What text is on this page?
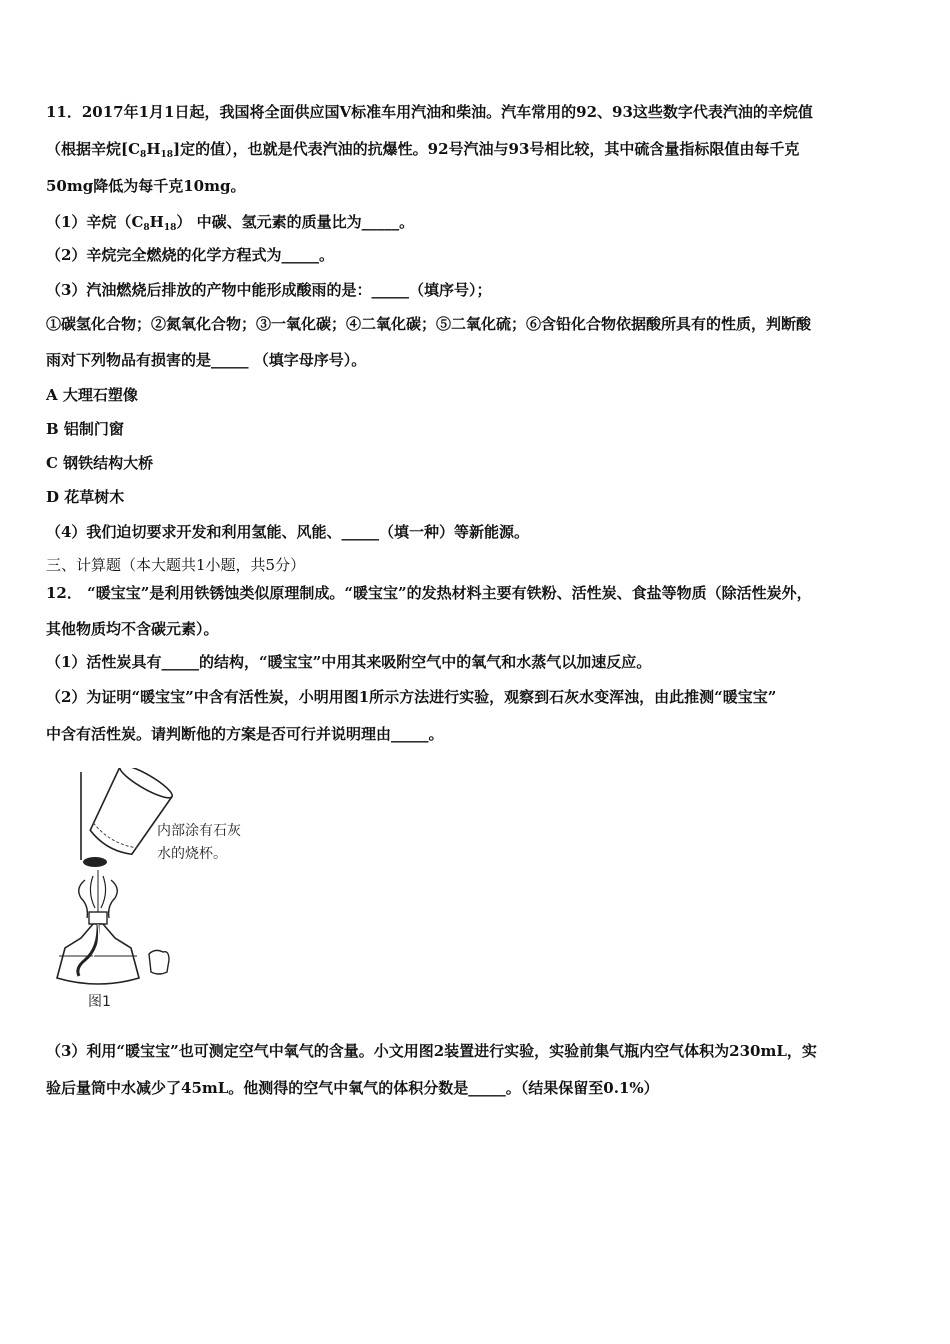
11．2017年1月1日起，我国将全面供应国Ⅴ标准车用汽油和柴油。汽车常用的92、93这些数字代表汽油的辛烷值
（根据辛烷$[C_8H_{18}]$定的值），也就是代表汽油的抗爆性。92号汽油与93号相比较，其中硫含量指标限值由每千克
50mg降低为每千克10mg。
（1）辛烷$(C_8H_{18})$ 中碳、氢元素的质量比为_____。
（2）辛烷完全燃烧的化学方程式为_____。
（3）汽油燃烧后排放的产物中能形成酸雨的是：_____（填序号）；
①碳氢化合物；②氮氧化合物；③一氧化碳；④二氧化碳；⑤二氧化硫；⑥含铅化合物依据酸所具有的性质，判断酸
雨对下列物品有损害的是_____ （填字母序号）。
A 大理石塑像
B 铝制门窗
C 钢铁结构大桥
D 花草树木
（4）我们迫切要求开发和利用氢能、风能、_____（填一种）等新能源。
三、计算题（本大题共1小题，共5分）
12． “暖宝宝”是利用铁锈蚀类似原理制成。“暖宝宝”的发热材料主要有铁粉、活性炭、食盐等物质（除活性炭外，
其他物质均不含碳元素）。
（1）活性炭具有_____的结构，“暖宝宝”中用其来吸附空气中的氧气和水蒸气以加速反应。
（2）为证明“暖宝宝”中含有活性炭，小明用图1所示方法进行实验，观察到石灰水变浑浊，由此推测“暖宝宝”
中含有活性炭。请判断他的方案是否可行并说明理由_____。
内部涂有石灰
水的烧杯。
图1
（3）利用“暖宝宝”也可测定空气中氧气的含量。小文用图2装置进行实验，实验前集气瓶内空气体积为230mL，实
验后量筒中水减少了45mL。他测得的空气中氧气的体积分数是_____。（结果保留至0.1%）
